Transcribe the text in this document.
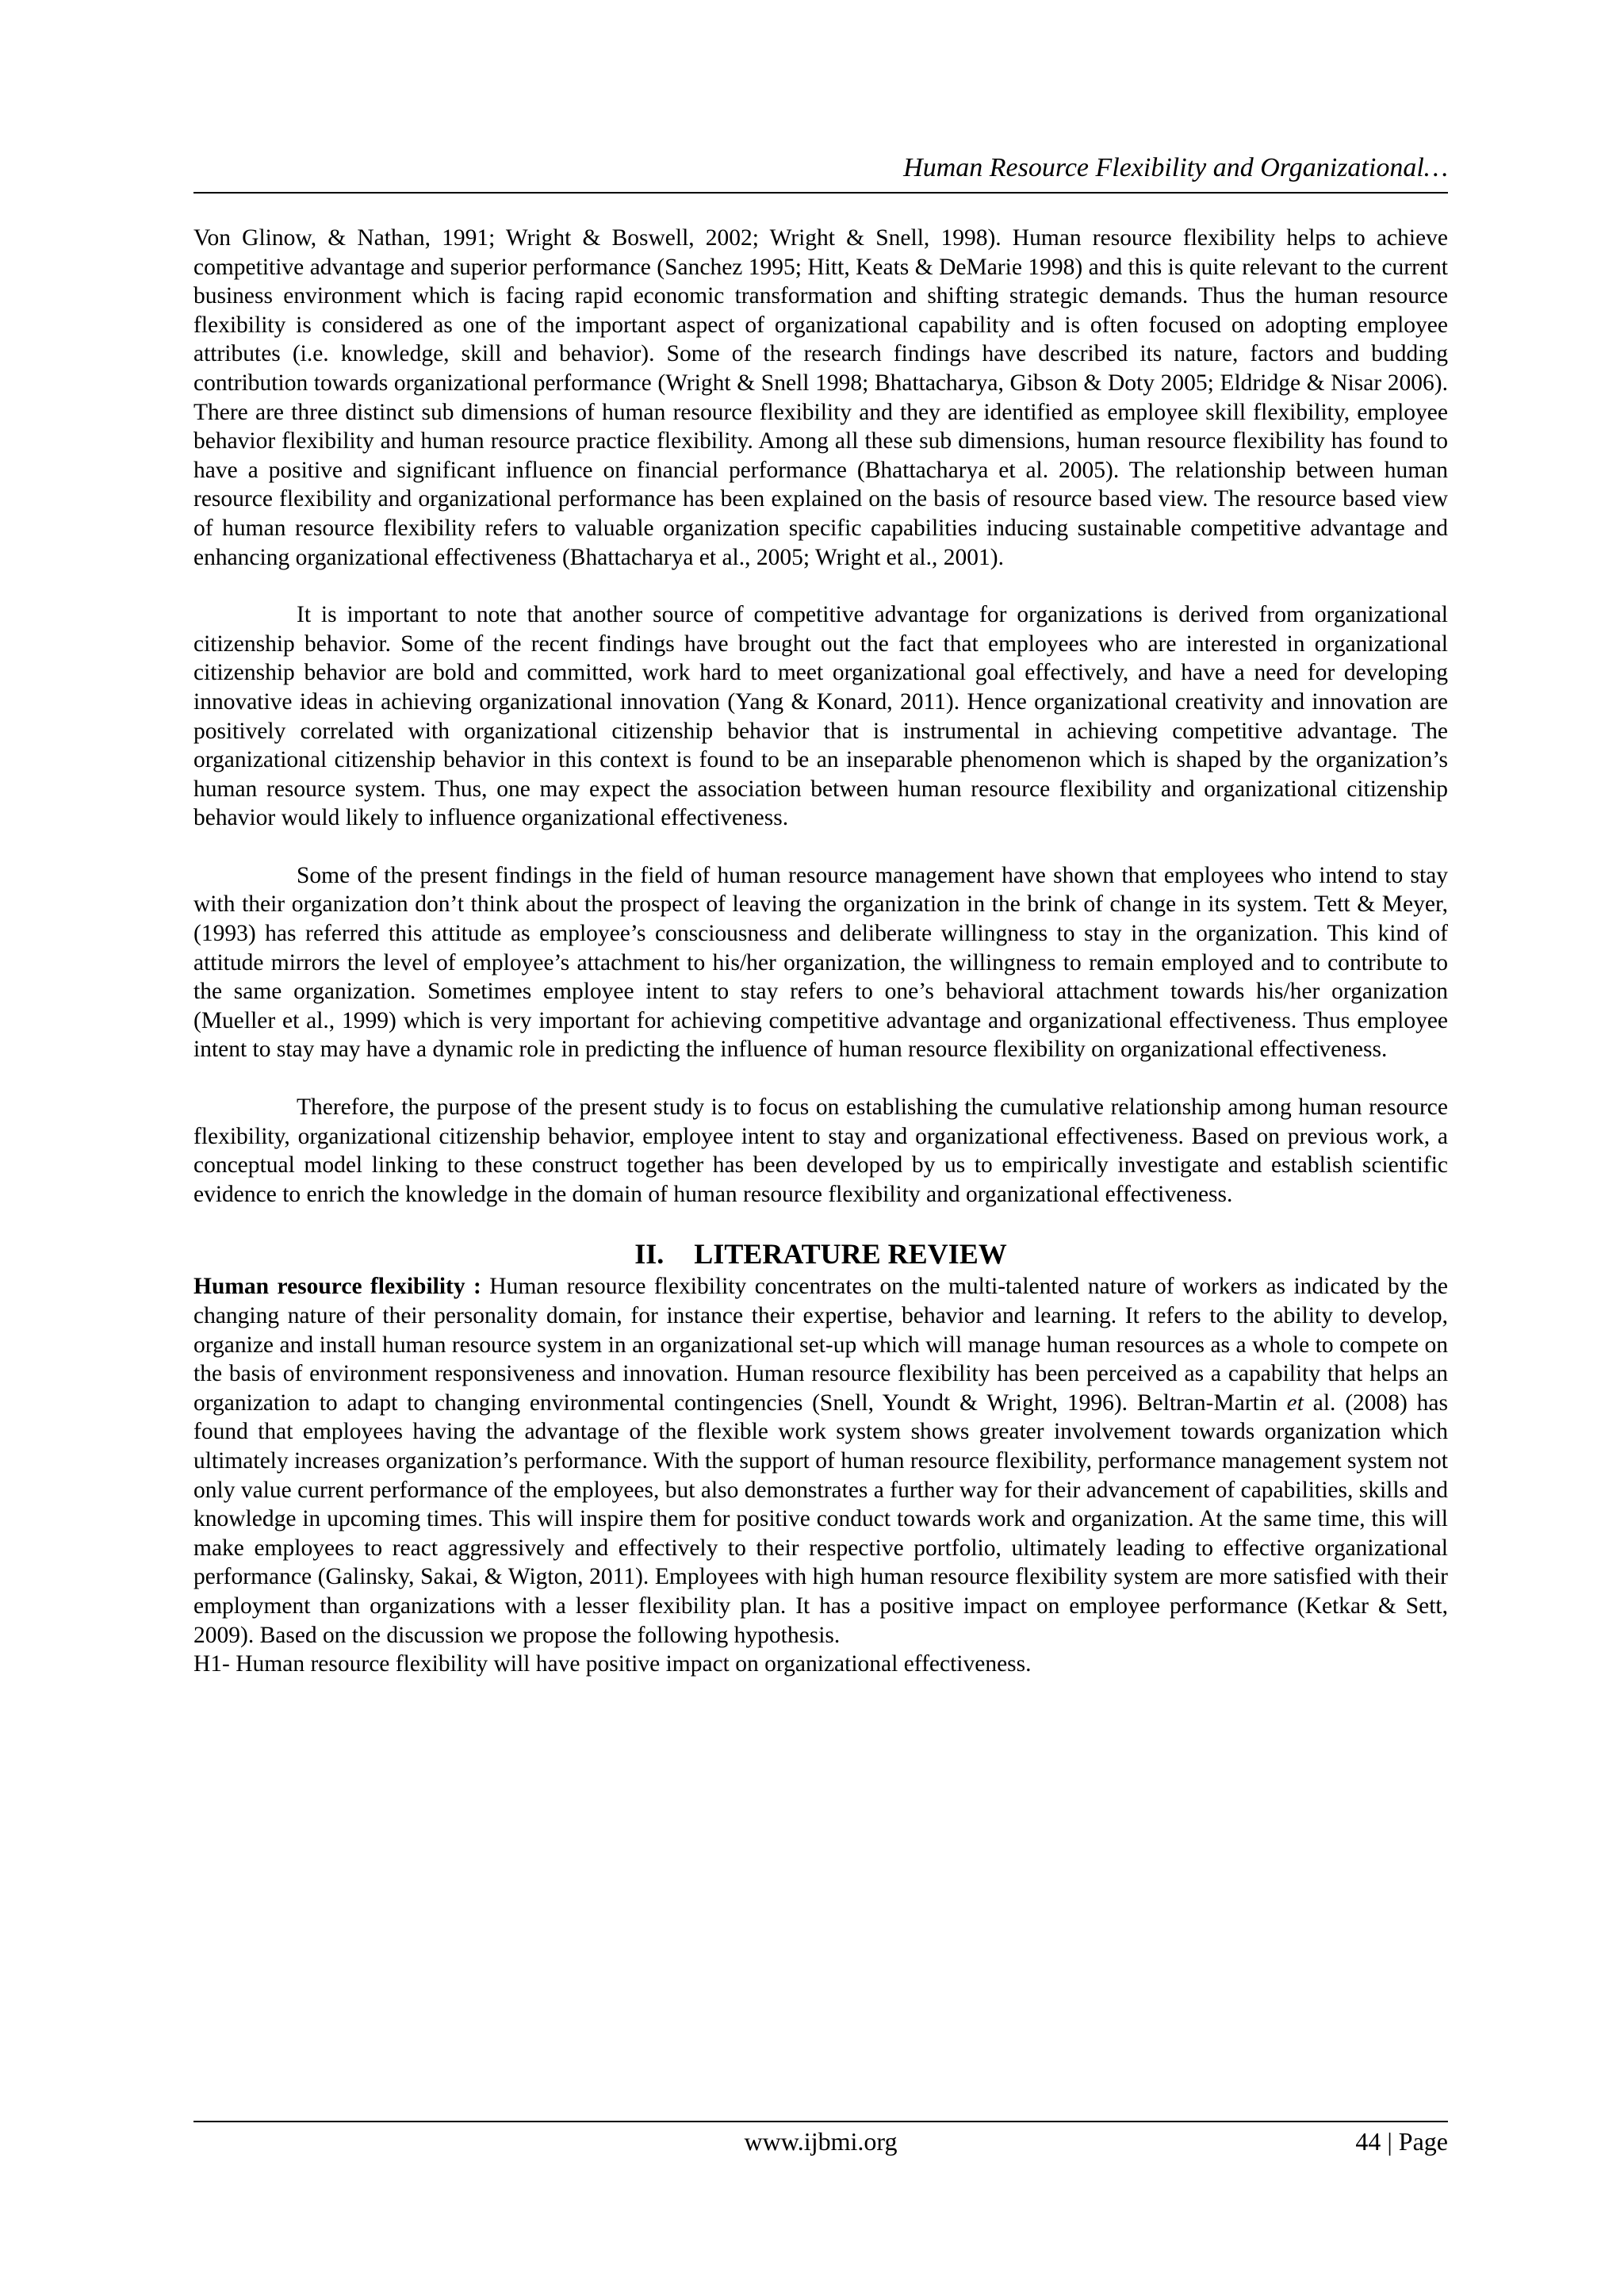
Human Resource Flexibility and Organizational…

Von Glinow, & Nathan, 1991; Wright & Boswell, 2002; Wright & Snell, 1998). Human resource flexibility helps to achieve competitive advantage and superior performance (Sanchez 1995; Hitt, Keats & DeMarie 1998) and this is quite relevant to the current business environment which is facing rapid economic transformation and shifting strategic demands. Thus the human resource flexibility is considered as one of the important aspect of organizational capability and is often focused on adopting employee attributes (i.e. knowledge, skill and behavior). Some of the research findings have described its nature, factors and budding contribution towards organizational performance (Wright & Snell 1998; Bhattacharya, Gibson & Doty 2005; Eldridge & Nisar 2006). There are three distinct sub dimensions of human resource flexibility and they are identified as employee skill flexibility, employee behavior flexibility and human resource practice flexibility. Among all these sub dimensions, human resource flexibility has found to have a positive and significant influence on financial performance (Bhattacharya et al. 2005). The relationship between human resource flexibility and organizational performance has been explained on the basis of resource based view. The resource based view of human resource flexibility refers to valuable organization specific capabilities inducing sustainable competitive advantage and enhancing organizational effectiveness (Bhattacharya et al., 2005; Wright et al., 2001).

It is important to note that another source of competitive advantage for organizations is derived from organizational citizenship behavior. Some of the recent findings have brought out the fact that employees who are interested in organizational citizenship behavior are bold and committed, work hard to meet organizational goal effectively, and have a need for developing innovative ideas in achieving organizational innovation (Yang & Konard, 2011). Hence organizational creativity and innovation are positively correlated with organizational citizenship behavior that is instrumental in achieving competitive advantage. The organizational citizenship behavior in this context is found to be an inseparable phenomenon which is shaped by the organization’s human resource system. Thus, one may expect the association between human resource flexibility and organizational citizenship behavior would likely to influence organizational effectiveness.

Some of the present findings in the field of human resource management have shown that employees who intend to stay with their organization don’t think about the prospect of leaving the organization in the brink of change in its system. Tett & Meyer, (1993) has referred this attitude as employee’s consciousness and deliberate willingness to stay in the organization. This kind of attitude mirrors the level of employee’s attachment to his/her organization, the willingness to remain employed and to contribute to the same organization. Sometimes employee intent to stay refers to one’s behavioral attachment towards his/her organization (Mueller et al., 1999) which is very important for achieving competitive advantage and organizational effectiveness. Thus employee intent to stay may have a dynamic role in predicting the influence of human resource flexibility on organizational effectiveness.

Therefore, the purpose of the present study is to focus on establishing the cumulative relationship among human resource flexibility, organizational citizenship behavior, employee intent to stay and organizational effectiveness. Based on previous work, a conceptual model linking to these construct together has been developed by us to empirically investigate and establish scientific evidence to enrich the knowledge in the domain of human resource flexibility and organizational effectiveness.

II. LITERATURE REVIEW

Human resource flexibility : Human resource flexibility concentrates on the multi-talented nature of workers as indicated by the changing nature of their personality domain, for instance their expertise, behavior and learning. It refers to the ability to develop, organize and install human resource system in an organizational set-up which will manage human resources as a whole to compete on the basis of environment responsiveness and innovation. Human resource flexibility has been perceived as a capability that helps an organization to adapt to changing environmental contingencies (Snell, Youndt & Wright, 1996). Beltran-Martin et al. (2008) has found that employees having the advantage of the flexible work system shows greater involvement towards organization which ultimately increases organization’s performance. With the support of human resource flexibility, performance management system not only value current performance of the employees, but also demonstrates a further way for their advancement of capabilities, skills and knowledge in upcoming times. This will inspire them for positive conduct towards work and organization. At the same time, this will make employees to react aggressively and effectively to their respective portfolio, ultimately leading to effective organizational performance (Galinsky, Sakai, & Wigton, 2011). Employees with high human resource flexibility system are more satisfied with their employment than organizations with a lesser flexibility plan. It has a positive impact on employee performance (Ketkar & Sett, 2009). Based on the discussion we propose the following hypothesis.

H1- Human resource flexibility will have positive impact on organizational effectiveness.

www.ijbmi.org	44 | Page
